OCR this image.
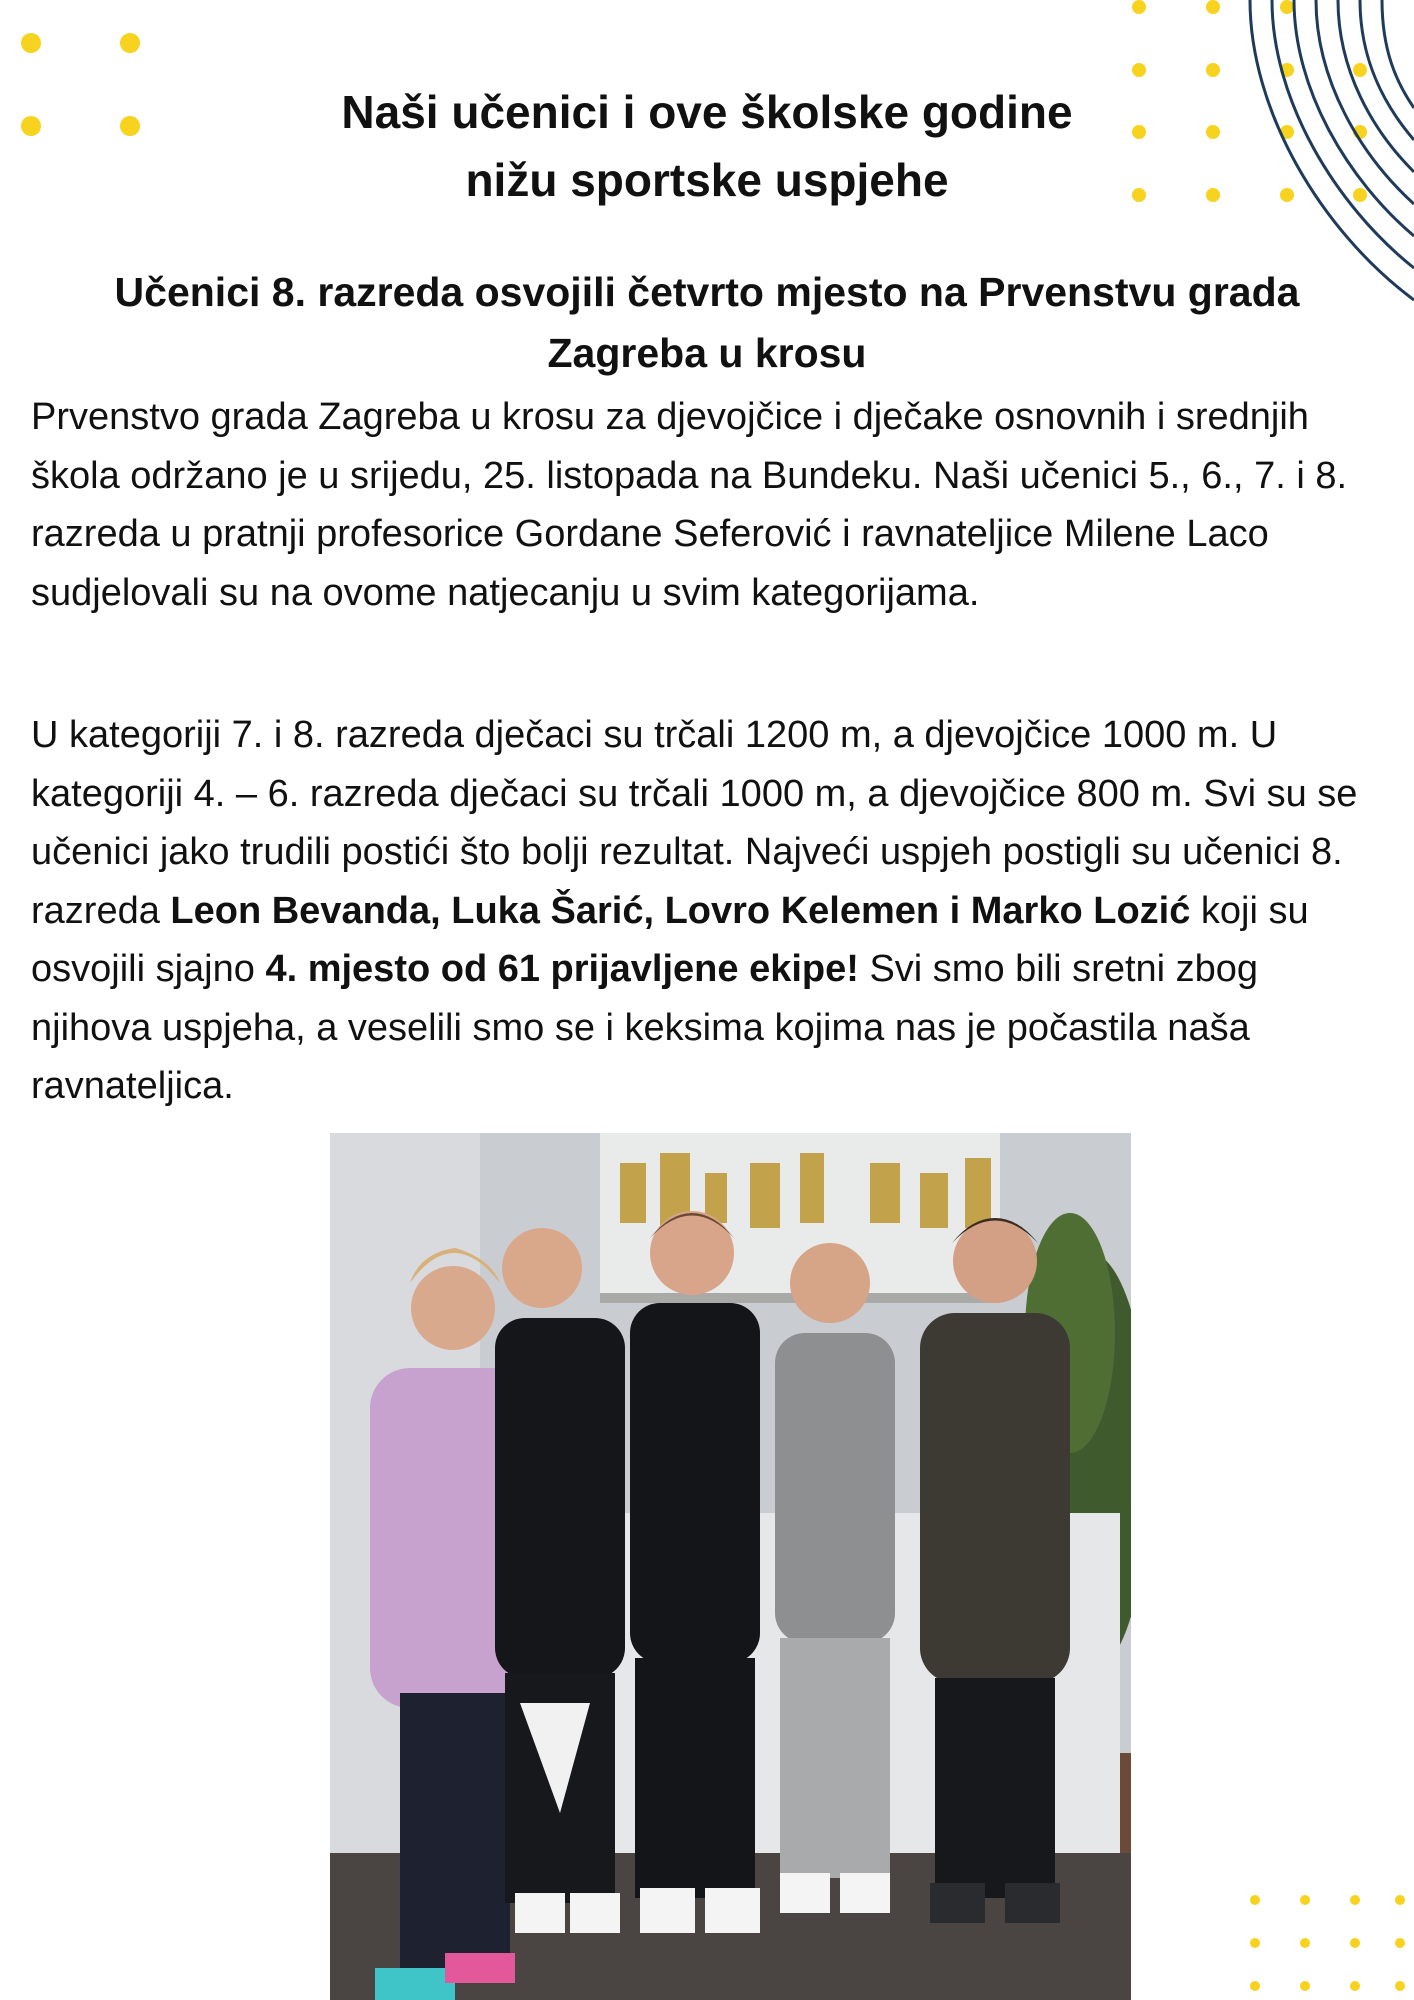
Naši učenici i ove školske godine
nižu sportske uspjehe
Učenici 8. razreda osvojili četvrto mjesto na Prvenstvu grada
Zagreba u krosu

Prvenstvo grada Zagreba u krosu za djevojčice i dječake osnovnih i srednjih škola održano je u srijedu, 25. listopada na Bundeku. Naši učenici 5., 6., 7. i 8. razreda u pratnji profesorice Gordane Seferović i ravnateljice Milene Laco sudjelovali su na ovome natjecanju u svim kategorijama.

U kategoriji 7. i 8. razreda dječaci su trčali 1200 m, a djevojčice 1000 m. U kategoriji 4. – 6. razreda dječaci su trčali 1000 m, a djevojčice 800 m. Svi su se učenici jako trudili postići što bolji rezultat. Najveći uspjeh postigli su učenici 8. razreda Leon Bevanda, Luka Šarić, Lovro Kelemen i Marko Lozić koji su osvojili sjajno 4. mjesto od 61 prijavljene ekipe! Svi smo bili sretni zbog njihova uspjeha, a veselili smo se i keksima kojima nas je počastila naša ravnateljica.
